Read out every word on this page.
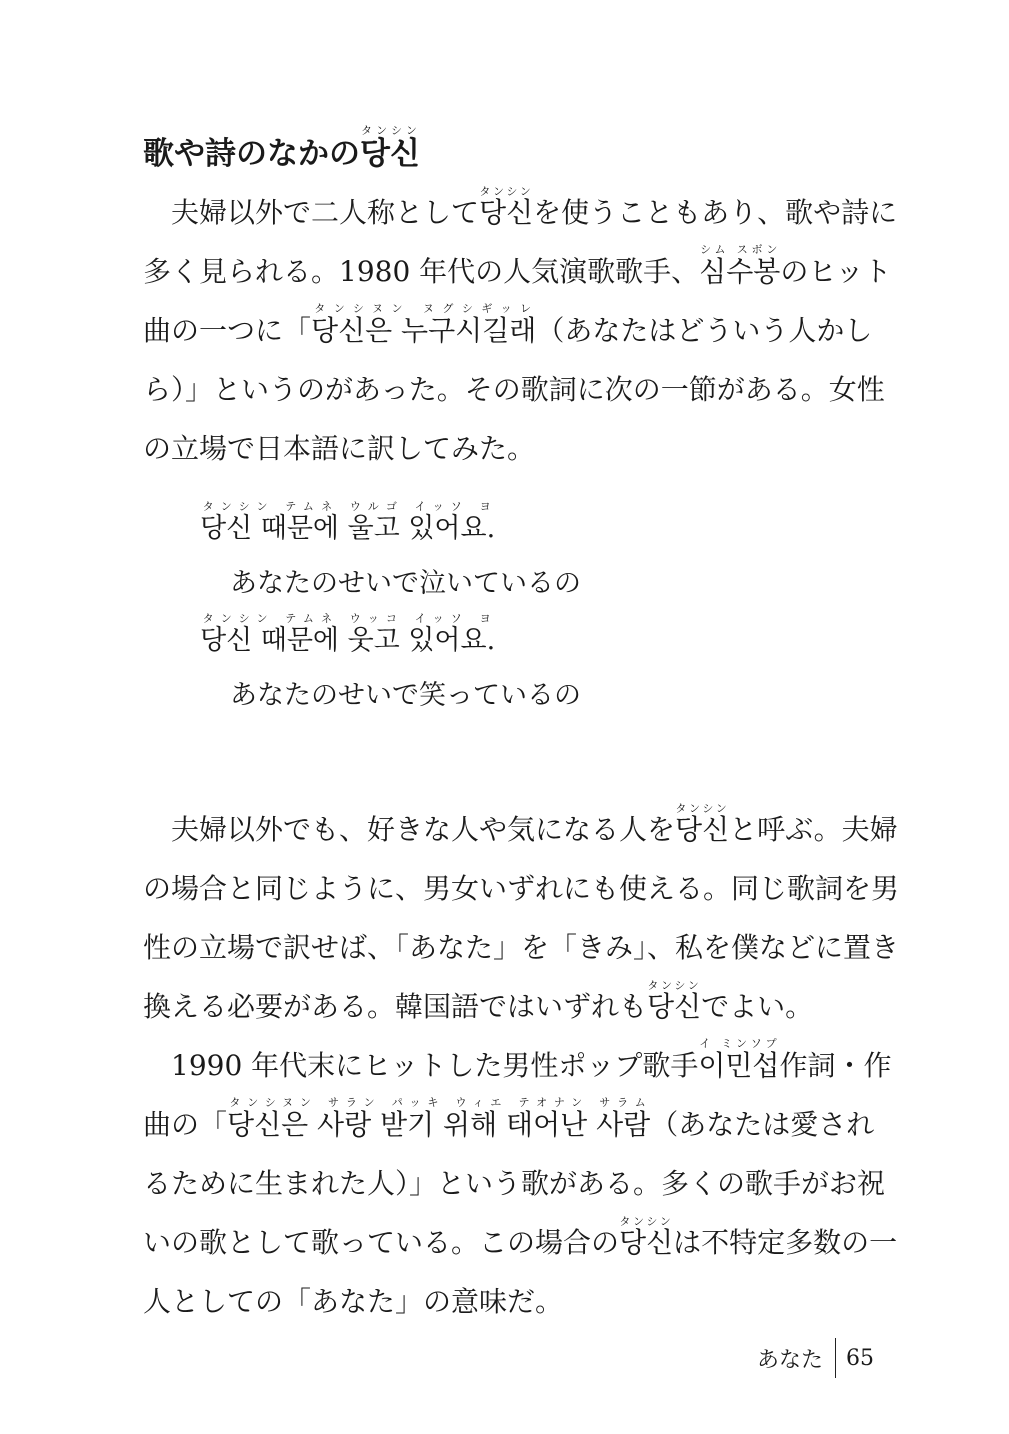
歌や詩のなかの당신タンシン
夫婦以外で二人称として당신タンシンを使うこともあり、歌や詩に
多く見られる。1980 年代の人気演歌歌手、심수봉シム スボンのヒット
曲の一つに「당신은 누구시길래タンシヌン ヌグシギッレ（あなたはどういう人かし
ら）」というのがあった。その歌詞に次の一節がある。女性
の立場で日本語に訳してみた。
당신 때문에 울고 있어요.タンシン テムネ ウルゴ イッソ ヨ
あなたのせいで泣いているの
당신 때문에 웃고 있어요.タンシン テムネ ウッコ イッソ ヨ
あなたのせいで笑っているの
夫婦以外でも、好きな人や気になる人を당신タンシンと呼ぶ。夫婦
の場合と同じように、男女いずれにも使える。同じ歌詞を男
性の立場で訳せば、「あなた」を「きみ」、私を僕などに置き
換える必要がある。韓国語ではいずれも당신タンシンでよい。
1990 年代末にヒットした男性ポップ歌手이민섭イ ミンソプ作詞・作
曲の「당신은 사랑 받기 위해 태어난 사람タンシヌン サラン パッキ ウィエ テオナン サラム（あなたは愛され
るために生まれた人）」という歌がある。多くの歌手がお祝
いの歌として歌っている。この場合の당신タンシンは不特定多数の一
人としての「あなた」の意味だ。
あなた 65
